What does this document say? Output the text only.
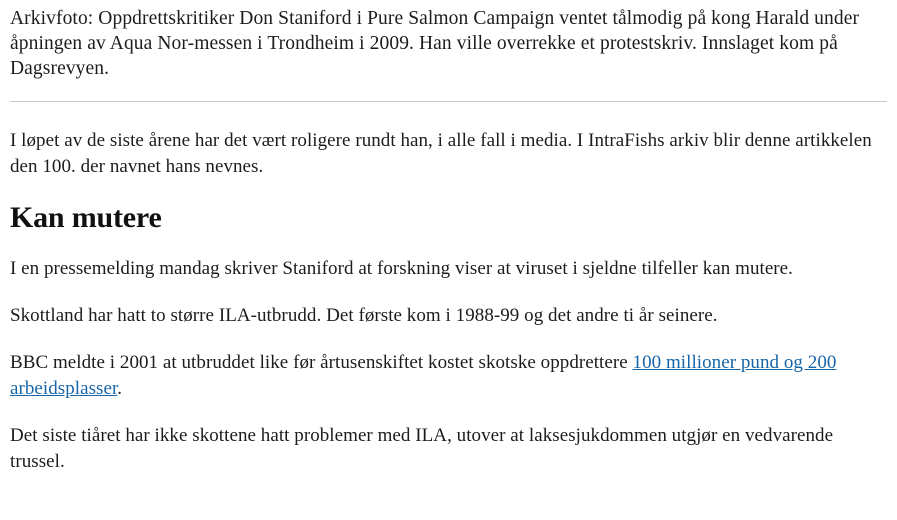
Arkivfoto: Oppdrettskritiker Don Staniford i Pure Salmon Campaign ventet tålmodig på kong Harald under åpningen av Aqua Nor-messen i Trondheim i 2009. Han ville overrekke et protestskriv. Innslaget kom på Dagsrevyen.

I løpet av de siste årene har det vært roligere rundt han, i alle fall i media. I IntraFishs arkiv blir denne artikkelen den 100. der navnet hans nevnes.

Kan mutere

I en pressemelding mandag skriver Staniford at forskning viser at viruset i sjeldne tilfeller kan mutere.

Skottland har hatt to større ILA-utbrudd. Det første kom i 1988-99 og det andre ti år seinere.

BBC meldte i 2001 at utbruddet like før årtusenskiftet kostet skotske oppdrettere 100 millioner pund og 200 arbeidsplasser.

Det siste tiåret har ikke skottene hatt problemer med ILA, utover at laksesjukdommen utgjør en vedvarende trussel.
